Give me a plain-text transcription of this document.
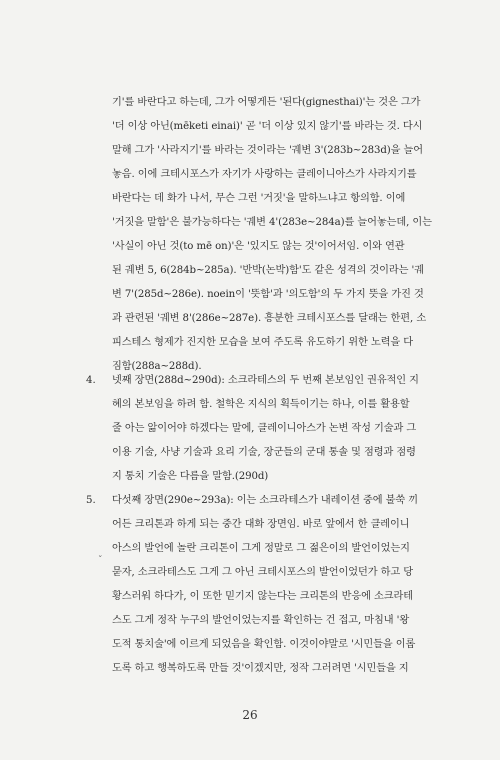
기'를 바란다고 하는데, 그가 어떻게든 '된다(gignesthai)'는 것은 그가
'더 이상 아닌(mēketi einai)' 곧 '더 이상 있지 않기'를 바라는 것. 다시
말해 그가 '사라지기'를 바라는 것이라는 '궤변 3'(283b~283d)을 늘어
놓음. 이에 크테시포스가 자기가 사랑하는 클레이니아스가 사라지기를
바란다는 데 화가 나서, 무슨 그런 '거짓'을 말하느냐고 항의함. 이에
'거짓을 말함'은 불가능하다는 '궤변 4'(283e~284a)를 늘어놓는데, 이는
'사실이 아닌 것(to mē on)'은 '있지도 않는 것'이어서임. 이와 연관
된 궤변 5, 6(284b~285a). '반박(논박)함'도 같은 성격의 것이라는 '궤
변 7'(285d~286e). noein이 '뜻함'과 '의도함'의 두 가지 뜻을 가진 것
과 관련된 '궤변 8'(286e~287e). 흥분한 크테시포스를 달래는 한편, 소
피스테스 형제가 진지한 모습을 보여 주도록 유도하기 위한 노력을 다
짐함(288a~288d).
4. 넷째 장면(288d~290d): 소크라테스의 두 번째 본보임인 권유적인 지
혜의 본보임을 하려 함. 철학은 지식의 획득이기는 하나, 이를 활용할
줄 아는 앎이어야 하겠다는 말에, 클레이니아스가 논변 작성 기술과 그
이용 기술, 사냥 기술과 요리 기술, 장군들의 군대 통솔 및 점령과 점령
지 통치 기술은 다름을 말함.(290d)
5. 다섯째 장면(290e~293a): 이는 소크라테스가 내레이션 중에 불쑥 끼
어든 크리톤과 하게 되는 중간 대화 장면임. 바로 앞에서 한 클레이니
아스의 발언에 놀란 크리톤이 그게 정말로 그 젊은이의 발언이었는지
묻자, 소크라테스도 그게 그 아닌 크테시포스의 발언이었던가 하고 당
황스러워 하다가, 이 또한 믿기지 않는다는 크리톤의 반응에 소크라테
스도 그게 정작 누구의 발언이었는지를 확인하는 건 접고, 마침내 '왕
도적 통치술'에 이르게 되었음을 확인함. 이것이야말로 '시민들을 이롭
도록 하고 행복하도록 만들 것'이겠지만, 정작 그러려면 '시민들을 지
ˇ
26
